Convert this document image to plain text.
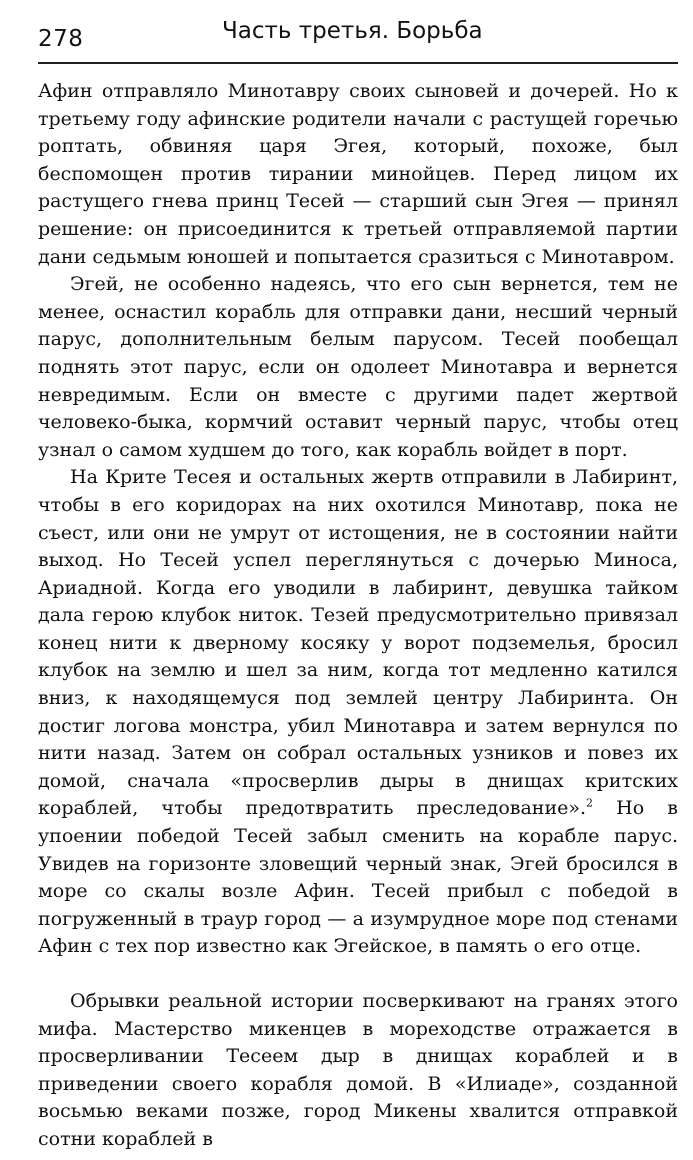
278	Часть третья. Борьба

Афин отправляло Минотавру своих сыновей и дочерей. Но к третьему году афинские родители начали с растущей горечью роптать, обвиняя царя Эгея, который, похоже, был беспомощен против тирании минойцев. Перед лицом их растущего гнева принц Тесей — старший сын Эгея — принял решение: он присоединится к третьей отправляемой партии дани седьмым юношей и попытается сразиться с Минотавром.

Эгей, не особенно надеясь, что его сын вернется, тем не менее, оснастил корабль для отправки дани, несший черный парус, дополнительным белым парусом. Тесей пообещал поднять этот парус, если он одолеет Минотавра и вернется невредимым. Если он вместе с другими падет жертвой человеко-быка, кормчий оставит черный парус, чтобы отец узнал о самом худшем до того, как корабль войдет в порт.

На Крите Тесея и остальных жертв отправили в Лабиринт, чтобы в его коридорах на них охотился Минотавр, пока не съест, или они не умрут от истощения, не в состоянии найти выход. Но Тесей успел переглянуться с дочерью Миноса, Ариадной. Когда его уводили в лабиринт, девушка тайком дала герою клубок ниток. Тезей предусмотрительно привязал конец нити к дверному косяку у ворот подземелья, бросил клубок на землю и шел за ним, когда тот медленно катился вниз, к находящемуся под землей центру Лабиринта. Он достиг логова монстра, убил Минотавра и затем вернулся по нити назад. Затем он собрал остальных узников и повез их домой, сначала «просверлив дыры в днищах критских кораблей, чтобы предотвратить преследование».$^2$ Но в упоении победой Тесей забыл сменить на корабле парус. Увидев на горизонте зловещий черный знак, Эгей бросился в море со скалы возле Афин. Тесей прибыл с победой в погруженный в траур город — а изумрудное море под стенами Афин с тех пор известно как Эгейское, в память о его отце.

Обрывки реальной истории посверкивают на гранях этого мифа. Мастерство микенцев в мореходстве отражается в просверливании Тесеем дыр в днищах кораблей и в приведении своего корабля домой. В «Илиаде», созданной восьмью веками позже, город Микены хвалится отправкой сотни кораблей в
